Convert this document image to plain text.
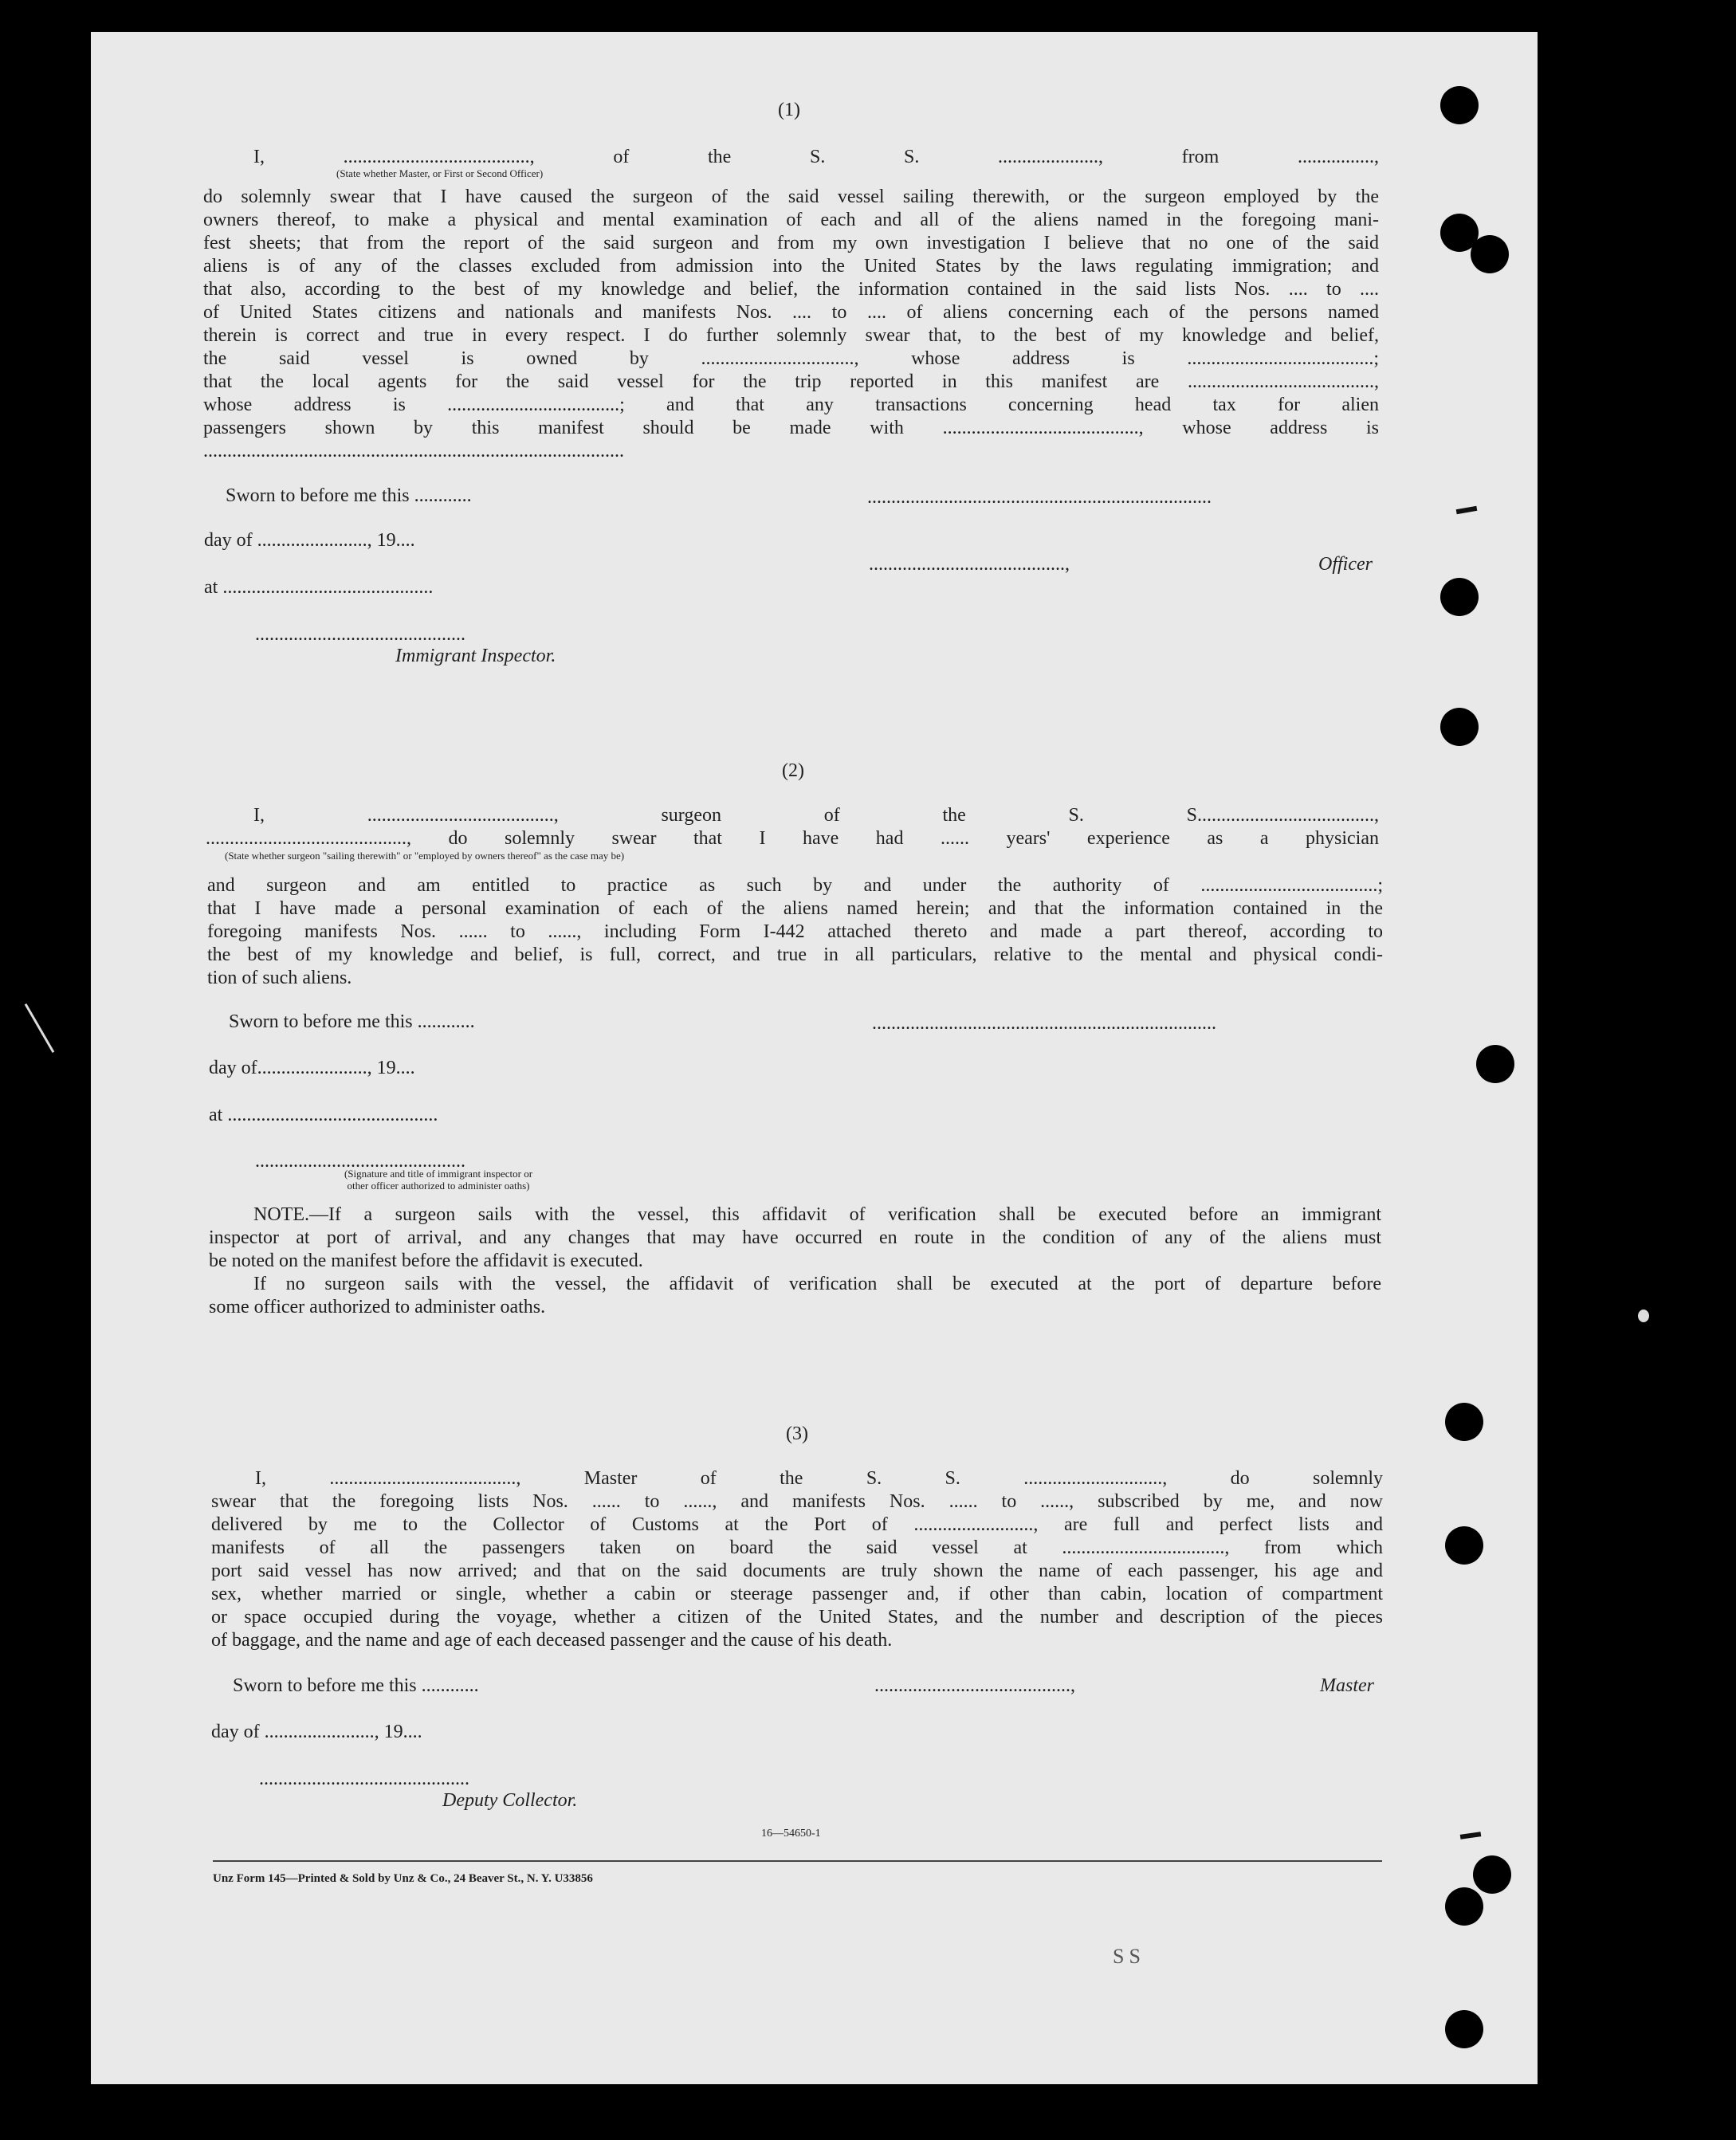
(1)
I, ......................................., of the S. S. ....................., from ................,
(State whether Master, or First or Second Officer)
do solemnly swear that I have caused the surgeon of the said vessel sailing therewith, or the surgeon employed by the
owners thereof, to make a physical and mental examination of each and all of the aliens named in the foregoing mani-
fest sheets; that from the report of the said surgeon and from my own investigation I believe that no one of the said
aliens is of any of the classes excluded from admission into the United States by the laws regulating immigration; and
that also, according to the best of my knowledge and belief, the information contained in the said lists Nos. .... to ....
of United States citizens and nationals and manifests Nos. .... to .... of aliens concerning each of the persons named
therein is correct and true in every respect. I do further solemnly swear that, to the best of my knowledge and belief,
the said vessel is owned by ................................, whose address is .......................................;
that the local agents for the said vessel for the trip reported in this manifest are .......................................,
whose address is ....................................; and that any transactions concerning head tax for alien
passengers shown by this manifest should be made with ........................................., whose address is
........................................................................................
Sworn to before me this ............	........................................................................
day of ......................., 19....
.........................................,	Officer
at ............................................
............................................
Immigrant Inspector.
(2)
I, ......................................., surgeon of the S. S.....................................,
.........................................., do solemnly swear that I have had ...... years' experience as a physician
(State whether surgeon "sailing therewith" or "employed by owners thereof" as the case may be)
and surgeon and am entitled to practice as such by and under the authority of .....................................;
that I have made a personal examination of each of the aliens named herein; and that the information contained in the
foregoing manifests Nos. ...... to ......, including Form I-442 attached thereto and made a part thereof, according to
the best of my knowledge and belief, is full, correct, and true in all particulars, relative to the mental and physical condi-
tion of such aliens.
Sworn to before me this ............	........................................................................
day of......................., 19....
at ............................................
............................................
(Signature and title of immigrant inspector or
other officer authorized to administer oaths)
NOTE.—If a surgeon sails with the vessel, this affidavit of verification shall be executed before an immigrant
inspector at port of arrival, and any changes that may have occurred en route in the condition of any of the aliens must
be noted on the manifest before the affidavit is executed.
If no surgeon sails with the vessel, the affidavit of verification shall be executed at the port of departure before
some officer authorized to administer oaths.
(3)
I, ......................................., Master of the S. S. ............................., do solemnly
swear that the foregoing lists Nos. ...... to ......, and manifests Nos. ...... to ......, subscribed by me, and now
delivered by me to the Collector of Customs at the Port of ........................., are full and perfect lists and
manifests of all the passengers taken on board the said vessel at .................................., from which
port said vessel has now arrived; and that on the said documents are truly shown the name of each passenger, his age and
sex, whether married or single, whether a cabin or steerage passenger and, if other than cabin, location of compartment
or space occupied during the voyage, whether a citizen of the United States, and the number and description of the pieces
of baggage, and the name and age of each deceased passenger and the cause of his death.
Sworn to before me this ............	.........................................,	Master
day of ......................., 19....
............................................
Deputy Collector.
16—54650-1
Unz Form 145—Printed & Sold by Unz & Co., 24 Beaver St., N. Y. U33856
SS
